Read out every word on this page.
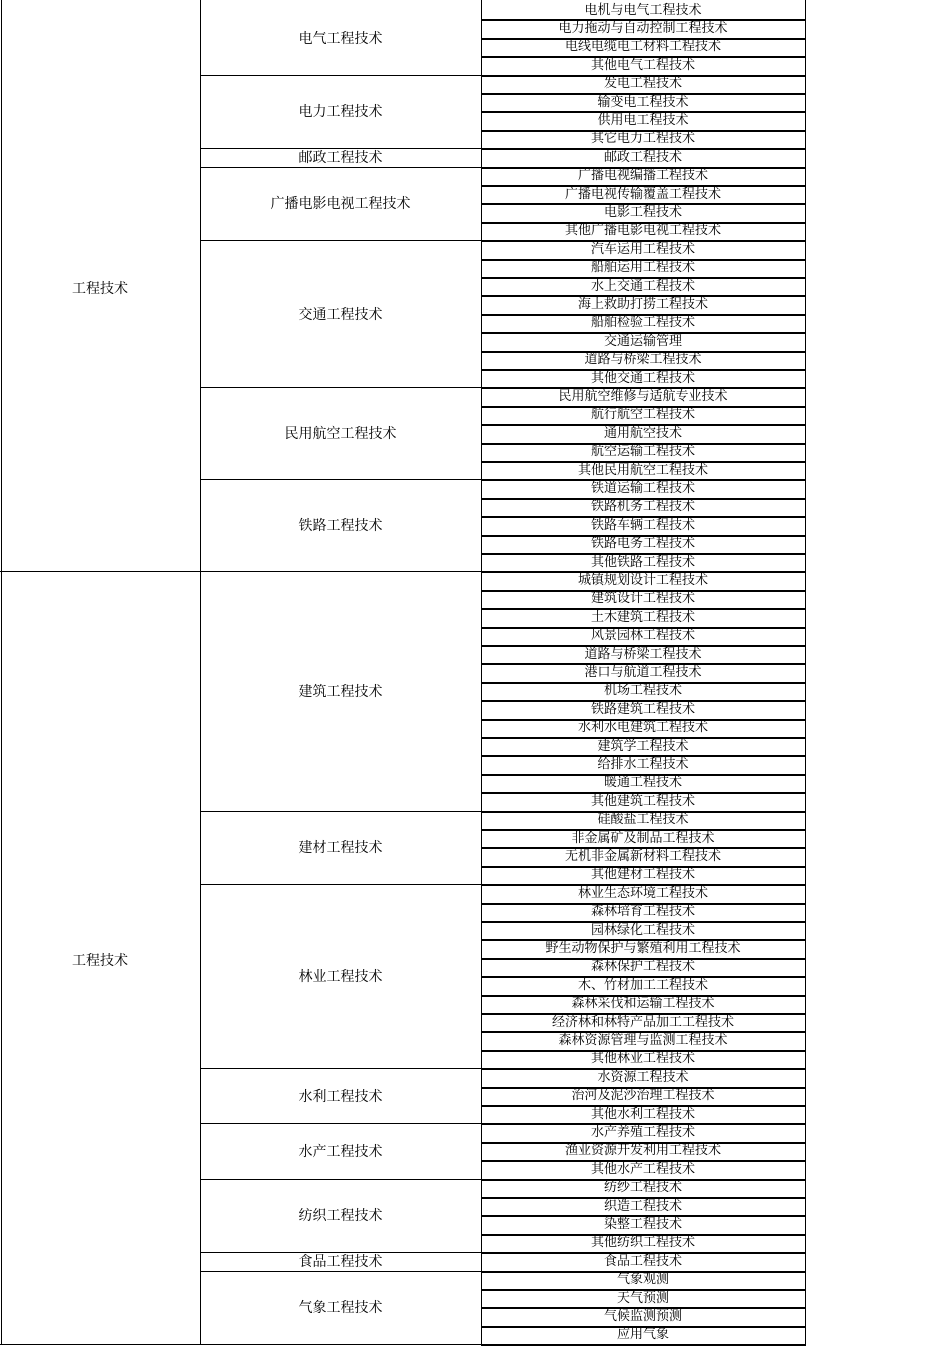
电机与电气工程技术
电力拖动与自动控制工程技术
电线电缆电工材料工程技术
其他电气工程技术
电气工程技术
发电工程技术
输变电工程技术
供用电工程技术
其它电力工程技术
电力工程技术
邮政工程技术
邮政工程技术
广播电视编播工程技术
广播电视传输覆盖工程技术
电影工程技术
其他广播电影电视工程技术
广播电影电视工程技术
汽车运用工程技术
船舶运用工程技术
水上交通工程技术
海上救助打捞工程技术
船舶检验工程技术
交通运输管理
道路与桥梁工程技术
其他交通工程技术
交通工程技术
民用航空维修与适航专业技术
航行航空工程技术
通用航空技术
航空运输工程技术
其他民用航空工程技术
民用航空工程技术
铁道运输工程技术
铁路机务工程技术
铁路车辆工程技术
铁路电务工程技术
其他铁路工程技术
铁路工程技术
工程技术
城镇规划设计工程技术
建筑设计工程技术
土木建筑工程技术
风景园林工程技术
道路与桥梁工程技术
港口与航道工程技术
机场工程技术
铁路建筑工程技术
水利水电建筑工程技术
建筑学工程技术
给排水工程技术
暖通工程技术
其他建筑工程技术
建筑工程技术
硅酸盐工程技术
非金属矿及制品工程技术
无机非金属新材料工程技术
其他建材工程技术
建材工程技术
林业生态环境工程技术
森林培育工程技术
园林绿化工程技术
野生动物保护与繁殖利用工程技术
森林保护工程技术
木、竹材加工工程技术
森林采伐和运输工程技术
经济林和林特产品加工工程技术
森林资源管理与监测工程技术
其他林业工程技术
林业工程技术
水资源工程技术
治河及泥沙治理工程技术
其他水利工程技术
水利工程技术
水产养殖工程技术
渔业资源开发利用工程技术
其他水产工程技术
水产工程技术
纺纱工程技术
织造工程技术
染整工程技术
其他纺织工程技术
纺织工程技术
食品工程技术
食品工程技术
气象观测
天气预测
气候监测预测
应用气象
气象工程技术
工程技术
